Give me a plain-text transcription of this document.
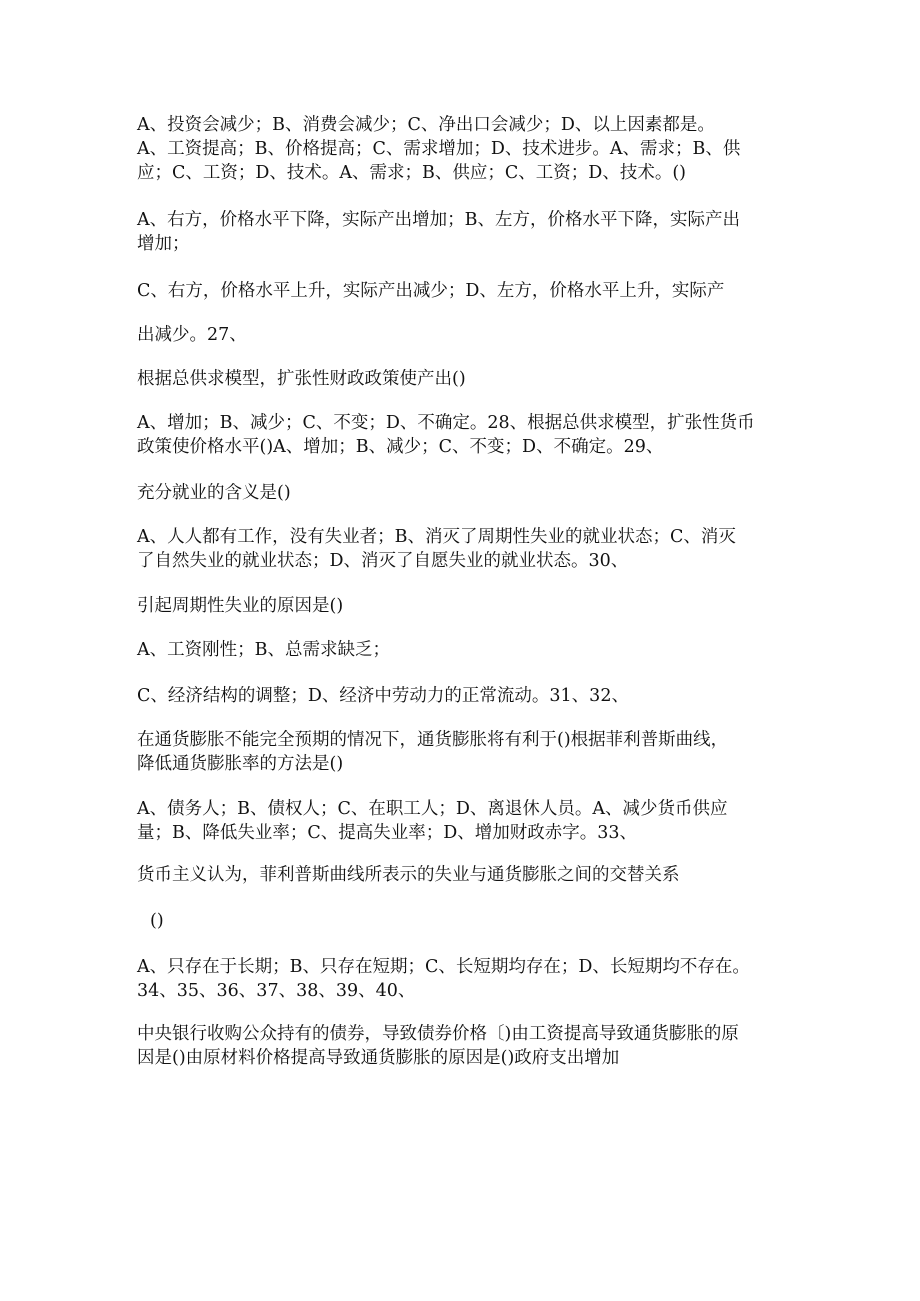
A、投资会减少；B、消费会减少；C、净出口会减少；D、以上因素都是。
A、工资提高；B、价格提高；C、需求增加；D、技术进步。A、需求；B、供
应；C、工资；D、技术。A、需求；B、供应；C、工资；D、技术。()
A、右方，价格水平下降，实际产出增加；B、左方，价格水平下降，实际产出
增加；
C、右方，价格水平上升，实际产出减少；D、左方，价格水平上升，实际产
出减少。27、
根据总供求模型，扩张性财政政策使产出()
A、增加；B、减少；C、不变；D、不确定。28、根据总供求模型，扩张性货币
政策使价格水平()A、增加；B、减少；C、不变；D、不确定。29、
充分就业的含义是()
A、人人都有工作，没有失业者；B、消灭了周期性失业的就业状态；C、消灭
了自然失业的就业状态；D、消灭了自愿失业的就业状态。30、
引起周期性失业的原因是()
A、工资刚性；B、总需求缺乏；
C、经济结构的调整；D、经济中劳动力的正常流动。31、32、
在通货膨胀不能完全预期的情况下，通货膨胀将有利于()根据菲利普斯曲线，
降低通货膨胀率的方法是()
A、债务人；B、债权人；C、在职工人；D、离退休人员。A、减少货币供应
量；B、降低失业率；C、提高失业率；D、增加财政赤字。33、
货币主义认为，菲利普斯曲线所表示的失业与通货膨胀之间的交替关系
()
A、只存在于长期；B、只存在短期；C、长短期均存在；D、长短期均不存在。
34、35、36、37、38、39、40、
中央银行收购公众持有的债券，导致债券价格〔)由工资提高导致通货膨胀的原
因是()由原材料价格提高导致通货膨胀的原因是()政府支出增加
